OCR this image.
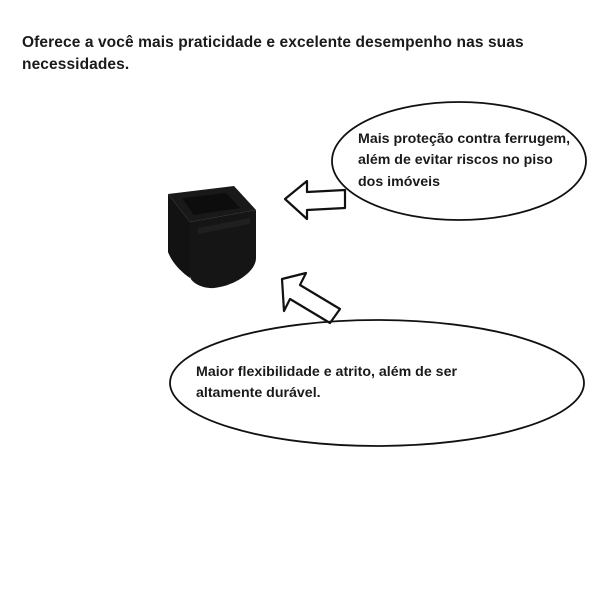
Oferece a você mais praticidade e excelente desempenho nas suas necessidades.
Mais proteção contra ferrugem, além de evitar riscos no piso dos imóveis
Maior flexibilidade e atrito, além de ser altamente durável.
